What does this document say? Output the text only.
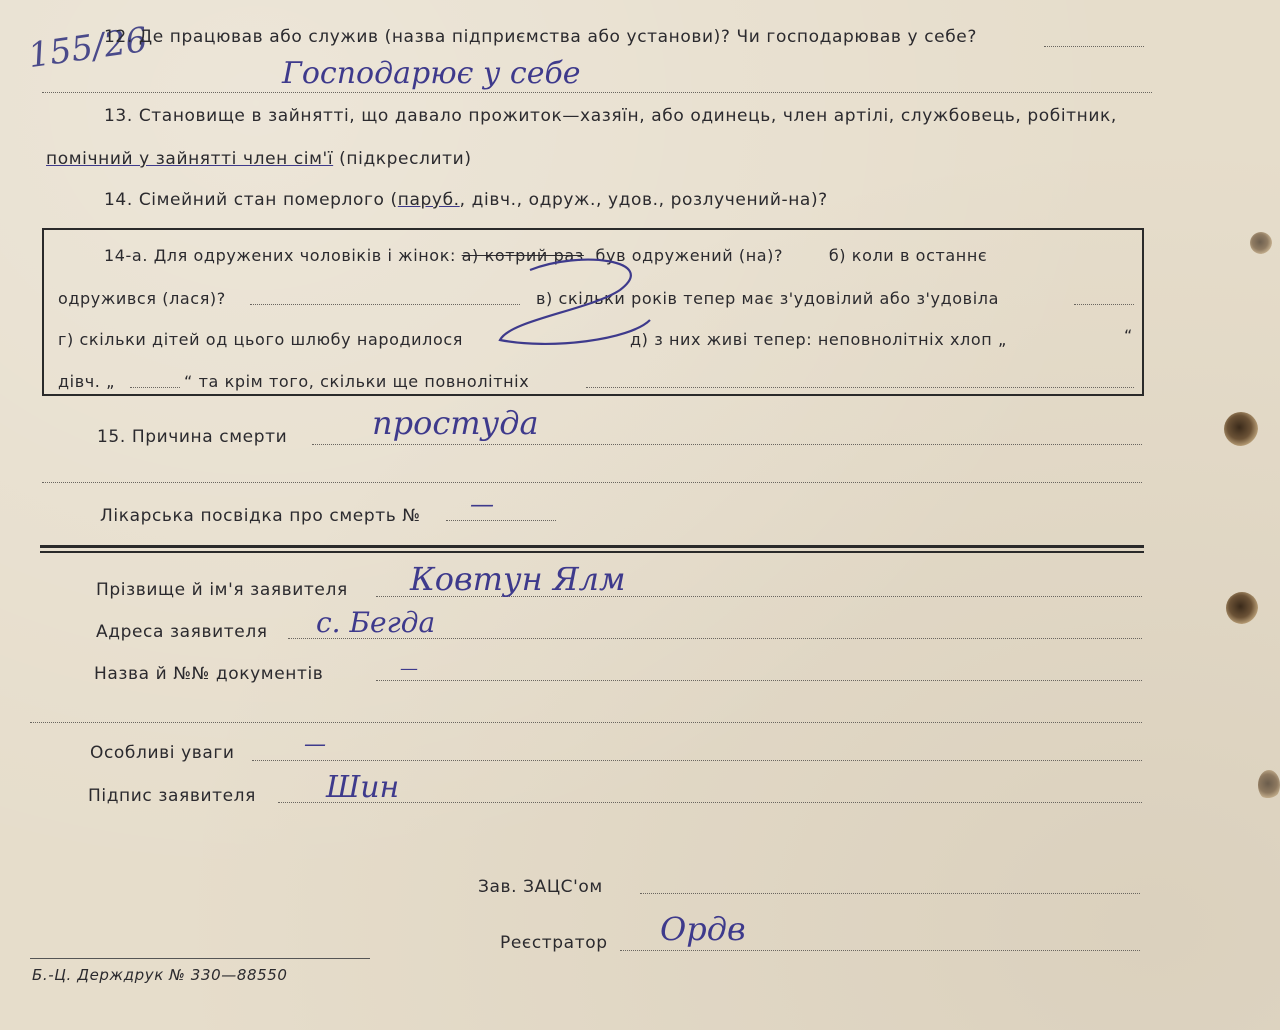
155/26
12. Де працював або служив (назва підприємства або установи)? Чи господарював у себе?
Господарює у себе
13. Становище в зайнятті, що давало прожиток—хазяїн, або одинець, член артілі, службовець, робітник,
помічний у зайнятті член сім'ї (підкреслити)
14. Сімейний стан померлого (паруб., дівч., одруж., удов., розлучений-на)?
14-а. Для одружених чоловіків і жінок: а) котрий раз був одружений (на)?	б) коли в останнє
одружився (лася)?	в) скільки років тепер має з'удовілий або з'удовіла
г) скільки дітей од цього шлюбу народилося	д) з них живі тепер: неповнолітніх хлоп „	“
дівч. „	“ та крім того, скільки ще повнолітніх
15. Причина смерти	простуда
Лікарська посвідка про смерть № —
Прізвище й ім'я заявителя Ковтун Ялм
Адреса заявителя с. Бегда
Назва й №№ документів	—
Особливі уваги	—
Підпис заявителя Шин
Зав. ЗАЦС'ом
Реєстратор Ордв
Б.-Ц. Держдрук № 330—88550
